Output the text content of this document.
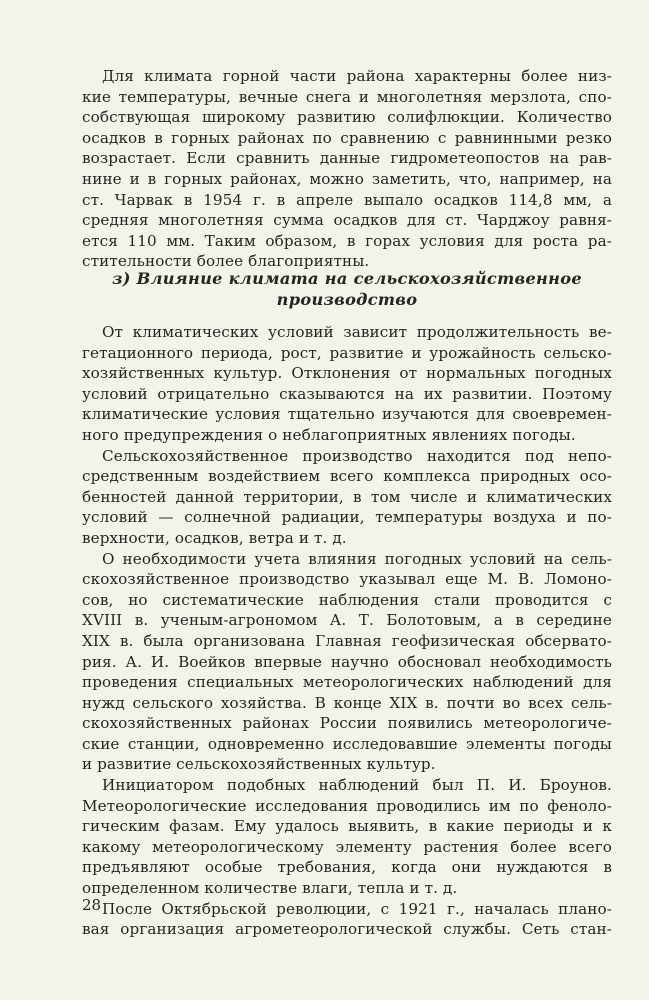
Для климата горной части района характерны более низ-
кие температуры, вечные снега и многолетняя мерзлота, спо-
собствующая широкому развитию солифлюкции. Количество
осадков в горных районах по сравнению с равнинными резко
возрастает. Если сравнить данные гидрометеопостов на рав-
нине и в горных районах, можно заметить, что, например, на
ст. Чарвак в 1954 г. в апреле выпало осадков 114,8 мм, а
средняя многолетняя сумма осадков для ст. Чарджоу равня-
ется 110 мм. Таким образом, в горах условия для роста ра-
стительности более благоприятны.
з) Влияние климата на сельскохозяйственное
производство
От климатических условий зависит продолжительность ве-
гетационного периода, рост, развитие и урожайность сельско-
хозяйственных культур. Отклонения от нормальных погодных
условий отрицательно сказываются на их развитии. Поэтому
климатические условия тщательно изучаются для своевремен-
ного предупреждения о неблагоприятных явлениях погоды.
Сельскохозяйственное производство находится под непо-
средственным воздействием всего комплекса природных осо-
бенностей данной территории, в том числе и климатических
условий — солнечной радиации, температуры воздуха и по-
верхности, осадков, ветра и т. д.
О необходимости учета влияния погодных условий на сель-
скохозяйственное производство указывал еще М. В. Ломоно-
сов, но систематические наблюдения стали проводится с
XVIII в. ученым-агрономом А. Т. Болотовым, а в середине
XIX в. была организована Главная геофизическая обсервато-
рия. А. И. Воейков впервые научно обосновал необходимость
проведения специальных метеорологических наблюдений для
нужд сельского хозяйства. В конце XIX в. почти во всех сель-
скохозяйственных районах России появились метеорологиче-
ские станции, одновременно исследовавшие элементы погоды
и развитие сельскохозяйственных культур.
Инициатором подобных наблюдений был П. И. Броунов.
Метеорологические исследования проводились им по феноло-
гическим фазам. Ему удалось выявить, в какие периоды и к
какому метеорологическому элементу растения более всего
предъявляют особые требования, когда они нуждаются в
определенном количестве влаги, тепла и т. д.
После Октябрьской революции, с 1921 г., началась плано-
вая организация агрометеорологической службы. Сеть стан-
28
